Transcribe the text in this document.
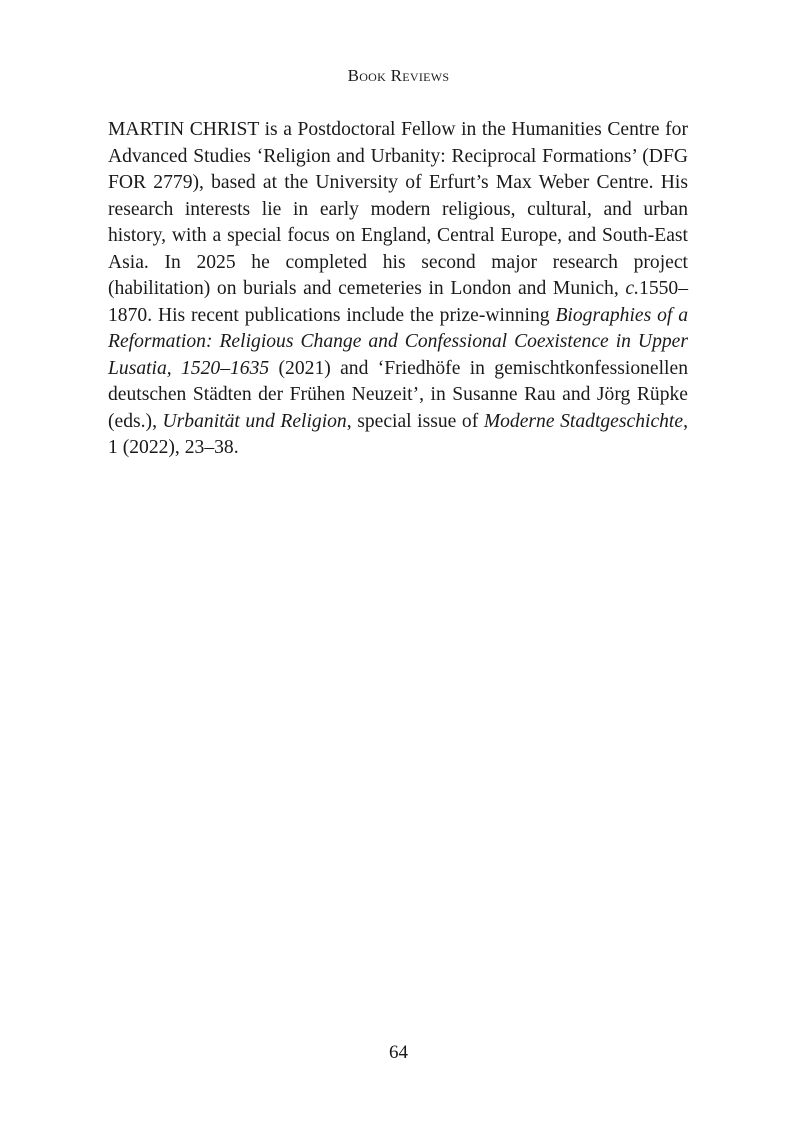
Book Reviews

MARTIN CHRIST is a Postdoctoral Fellow in the Humanities Centre for Advanced Studies ‘Religion and Urbanity: Reciprocal Formations’ (DFG FOR 2779), based at the University of Erfurt’s Max Weber Centre. His research interests lie in early modern religious, cultural, and urban history, with a special focus on England, Central Europe, and South-East Asia. In 2025 he completed his second major research project (habilitation) on burials and cemeteries in London and Munich, c.1550–1870. His recent publications include the prize-winning Biographies of a Reformation: Religious Change and Confessional Coexistence in Upper Lusatia, 1520–1635 (2021) and ‘Friedhöfe in gemischtkonfessionellen deutschen Städten der Frühen Neuzeit’, in Susanne Rau and Jörg Rüpke (eds.), Urbanität und Religion, special issue of Moderne Stadtgeschichte, 1 (2022), 23–38.

64
